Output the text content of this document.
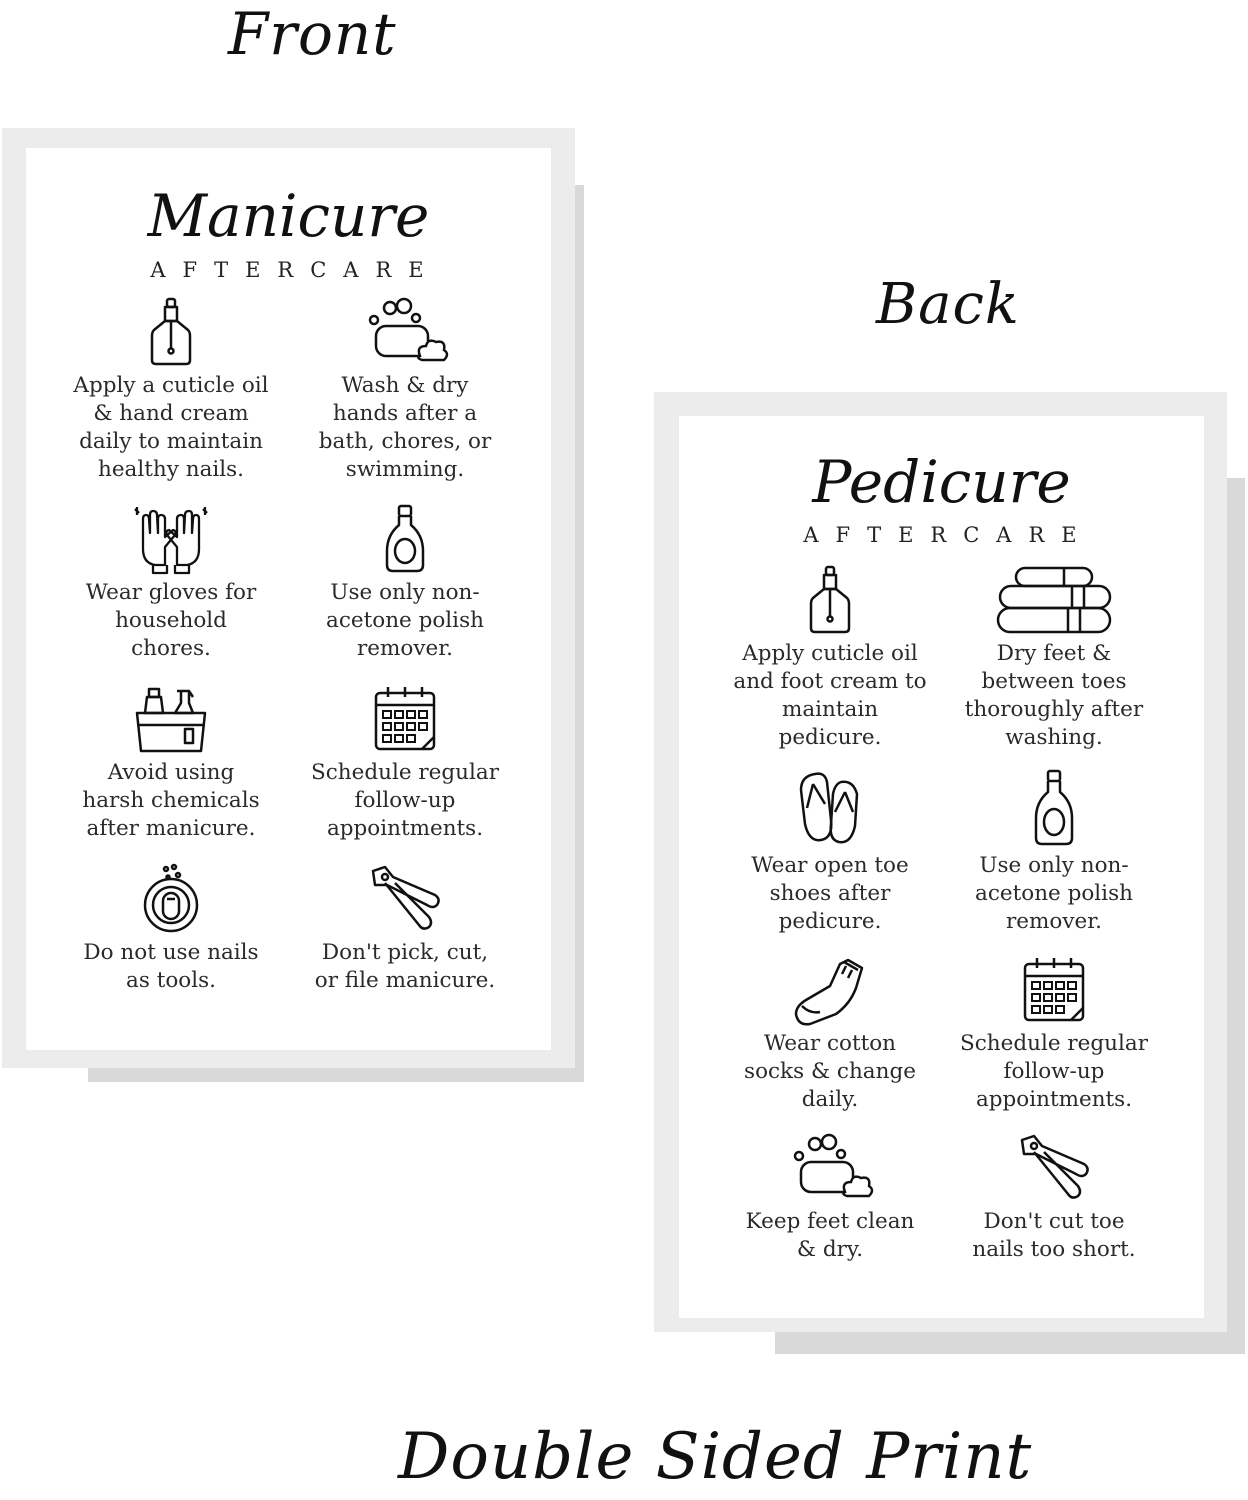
Front
Back
Double Sided Print
Manicure
AFTERCARE
Apply a cuticle oil
& hand cream
daily to maintain
healthy nails.
Wash & dry
hands after a
bath, chores, or
swimming.
Wear gloves for
household
chores.
Use only non-
acetone polish
remover.
Avoid using
harsh chemicals
after manicure.
Schedule regular
follow-up
appointments.
Do not use nails
as tools.
Don't pick, cut,
or file manicure.
Pedicure
AFTERCARE
Apply cuticle oil
and foot cream to
maintain
pedicure.
Dry feet &
between toes
thoroughly after
washing.
Wear open toe
shoes after
pedicure.
Use only non-
acetone polish
remover.
Wear cotton
socks & change
daily.
Schedule regular
follow-up
appointments.
Keep feet clean
& dry.
Don't cut toe
nails too short.
